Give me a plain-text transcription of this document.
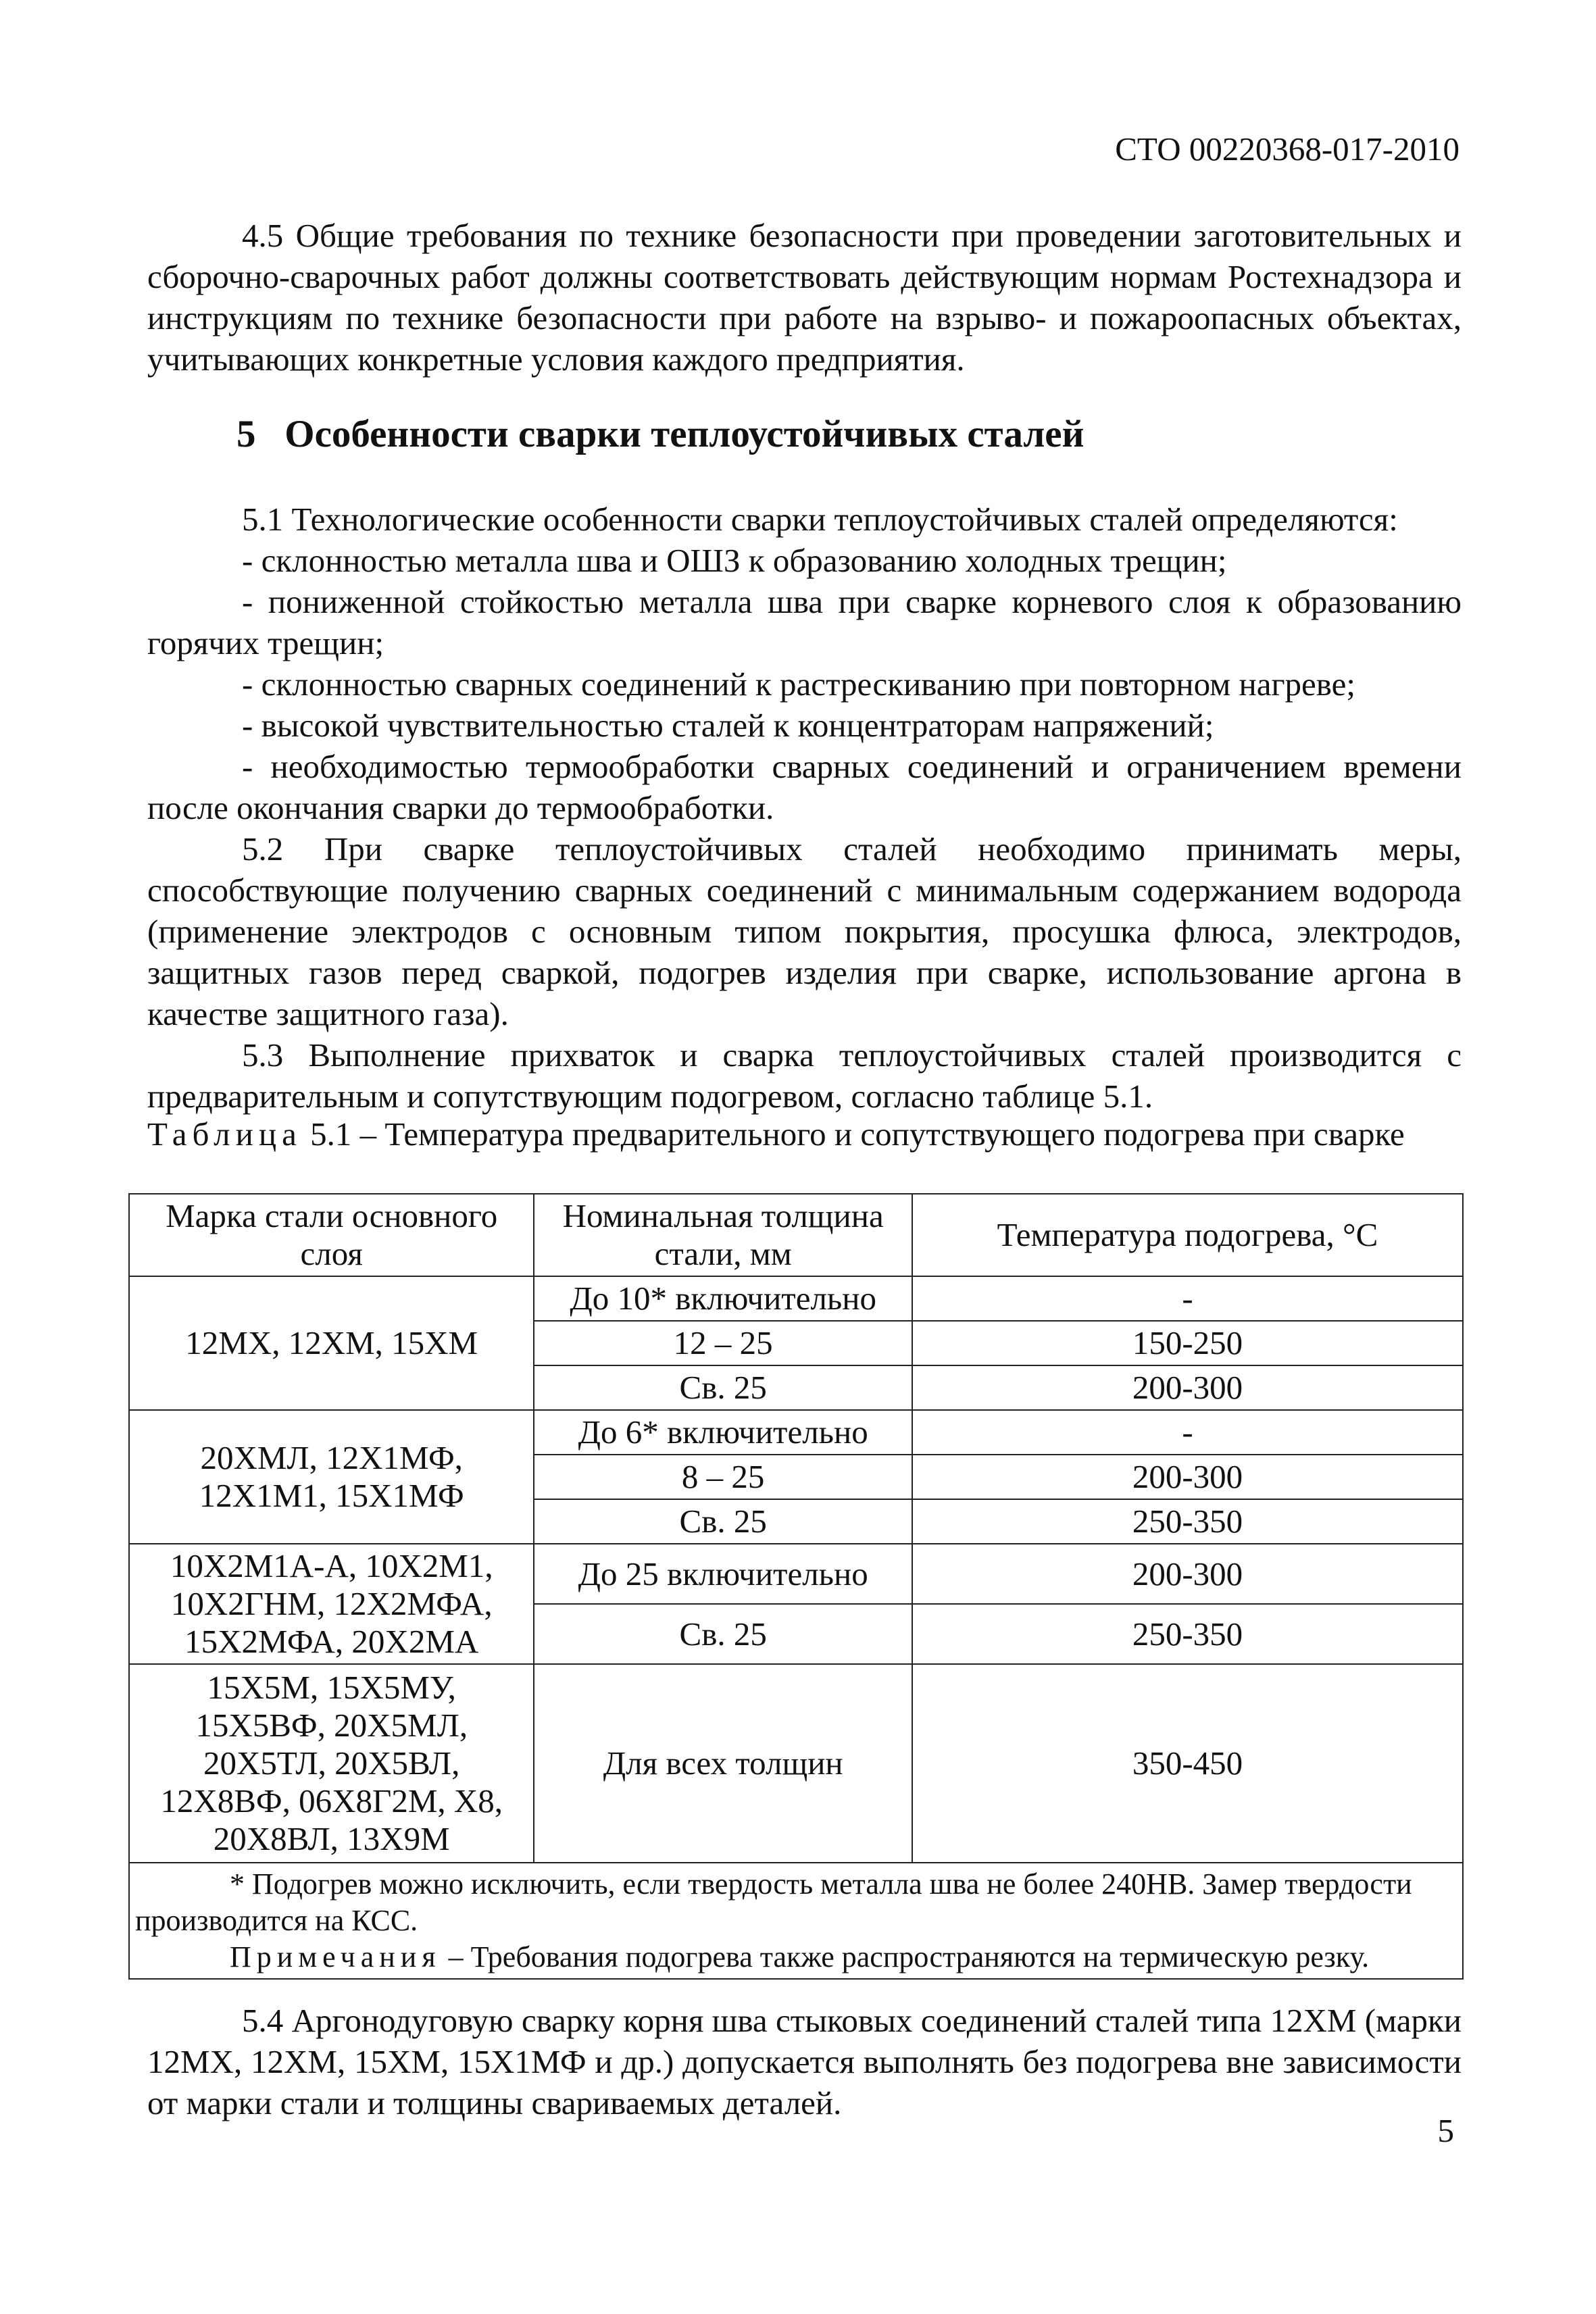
СТО 00220368-017-2010

4.5 Общие требования по технике безопасности при проведении заготовительных и сборочно-сварочных работ должны соответствовать действующим нормам Ростехнадзора и инструкциям по технике безопасности при работе на взрыво- и пожароопасных объектах, учитывающих конкретные условия каждого предприятия.

5   Особенности сварки теплоустойчивых сталей

5.1 Технологические особенности сварки теплоустойчивых сталей определяются:

- склонностью металла шва и ОШЗ к образованию холодных трещин;

- пониженной стойкостью металла шва при сварке корневого слоя к образованию горячих трещин;

- склонностью сварных соединений к растрескиванию при повторном нагреве;

- высокой чувствительностью сталей к концентраторам напряжений;

- необходимостью термообработки сварных соединений и ограничением времени после окончания сварки до термообработки.

5.2 При сварке теплоустойчивых сталей необходимо принимать меры, способствующие получению сварных соединений с минимальным содержанием водорода (применение электродов с основным типом покрытия, просушка флюса, электродов, защитных газов перед сваркой, подогрев изделия при сварке, использование аргона в качестве защитного газа).

5.3 Выполнение прихваток и сварка теплоустойчивых сталей производится с предварительным и сопутствующим подогревом, согласно таблице 5.1.

Таблица 5.1 – Температура предварительного и сопутствующего подогрева при сварке
Марка стали основного слоя	Номинальная толщина стали, мм	Температура подогрева, °С
12МХ, 12ХМ, 15ХМ	До 10* включительно	-
	12 – 25	150-250
	Св. 25	200-300
20ХМЛ, 12Х1МФ, 12Х1М1, 15Х1МФ	До 6* включительно	-
	8 – 25	200-300
	Св. 25	250-350
10Х2М1А-А, 10Х2М1, 10Х2ГНМ, 12Х2МФА, 15Х2МФА, 20Х2МА	До 25 включительно	200-300
	Св. 25	250-350
15Х5М, 15Х5МУ, 15Х5ВФ, 20Х5МЛ, 20Х5ТЛ, 20Х5ВЛ, 12Х8ВФ, 06Х8Г2М, Х8, 20Х8ВЛ, 13Х9М	Для всех толщин	350-450

* Подогрев можно исключить, если твердость металла шва не более 240НВ. Замер твердости производится на КСС.
Примечания – Требования подогрева также распространяются на термическую резку.		

5.4 Аргонодуговую сварку корня шва стыковых соединений сталей типа 12ХМ (марки 12МХ, 12ХМ, 15ХМ, 15Х1МФ и др.) допускается выполнять без подогрева вне зависимости от марки стали и толщины свариваемых деталей.

5
